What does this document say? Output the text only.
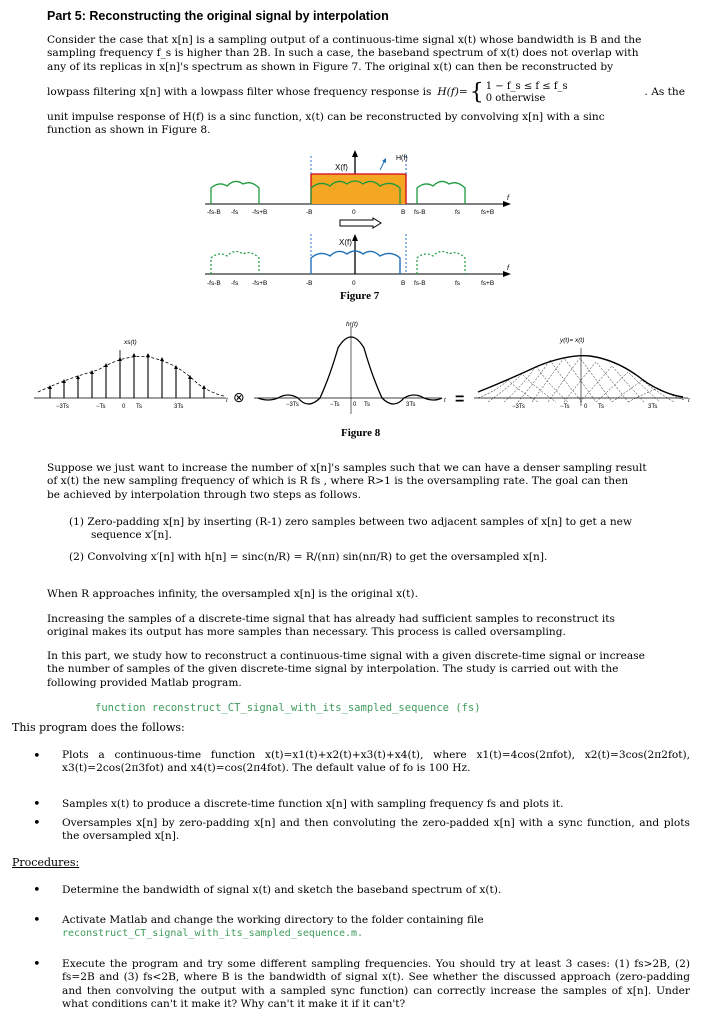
Part 5: Reconstructing the original signal by interpolation
Consider the case that x[n] is a sampling output of a continuous-time signal x(t) whose bandwidth is B and the
sampling frequency f_s is higher than 2B. In such a case, the baseband spectrum of x(t) does not overlap with
any of its replicas in x[n]'s spectrum as shown in Figure 7. The original x(t) can then be reconstructed by
lowpass filtering x[n] with a lowpass filter whose frequency response is H(f)= { 1 − f_s ≤ f ≤ f_s
0 otherwise
. As the
unit impulse response of H(f) is a sinc function, x(t) can be reconstructed by convolving x[n] with a sinc
function as shown in Figure 8.
X(f)
H(f)
f
-fs-B -fs -fs+B	-B	0	B fs-B	fs	fs+B
X(f)
f
-fs-B -fs -fs+B	-B	0	B fs-B	fs	fs+B
Figure 7
xs(t)
−3Ts	−Ts	0 Ts	3Ts
t ⊗
hr(t)
−3Ts	−Ts 0 Ts	3Ts
t =
y(t)= x(t)
−3Ts	−Ts 0 Ts	3Ts
t
Figure 8
Suppose we just want to increase the number of x[n]'s samples such that we can have a denser sampling result
of x(t) the new sampling frequency of which is R fs , where R>1 is the oversampling rate. The goal can then
be achieved by interpolation through two steps as follows.
(1) Zero-padding x[n] by inserting (R-1) zero samples between two adjacent samples of x[n] to get a new
sequence x′[n].
(2) Convolving x′[n] with h[n] = sinc(n/R) = R/(nπ) sin(nπ/R) to get the oversampled x[n].
When R approaches infinity, the oversampled x[n] is the original x(t).
Increasing the samples of a discrete-time signal that has already had sufficient samples to reconstruct its
original makes its output has more samples than necessary. This process is called oversampling.
In this part, we study how to reconstruct a continuous-time signal with a given discrete-time signal or increase
the number of samples of the given discrete-time signal by interpolation. The study is carried out with the
following provided Matlab program.
function reconstruct_CT_signal_with_its_sampled_sequence (fs)
This program does the follows:
• Plots a continuous-time function x(t)=x1(t)+x2(t)+x3(t)+x4(t), where x1(t)=4cos(2πfot), x2(t)=3cos(2π2fot), x3(t)=2cos(2π3fot) and x4(t)=cos(2π4fot). The default value of fo is 100 Hz.
• Samples x(t) to produce a discrete-time function x[n] with sampling frequency fs and plots it.
• Oversamples x[n] by zero-padding x[n] and then convoluting the zero-padded x[n] with a sync function, and plots the oversampled x[n].
Procedures:
• Determine the bandwidth of signal x(t) and sketch the baseband spectrum of x(t).
• Activate Matlab and change the working directory to the folder containing file
reconstruct_CT_signal_with_its_sampled_sequence.m.
• Execute the program and try some different sampling frequencies. You should try at least 3 cases: (1) fs>2B, (2) fs=2B and (3) fs<2B, where B is the bandwidth of signal x(t). See whether the discussed approach (zero-padding and then convolving the output with a sampled sync function) can correctly increase the samples of x[n]. Under what conditions can't it make it? Why can't it make it if it can't?
